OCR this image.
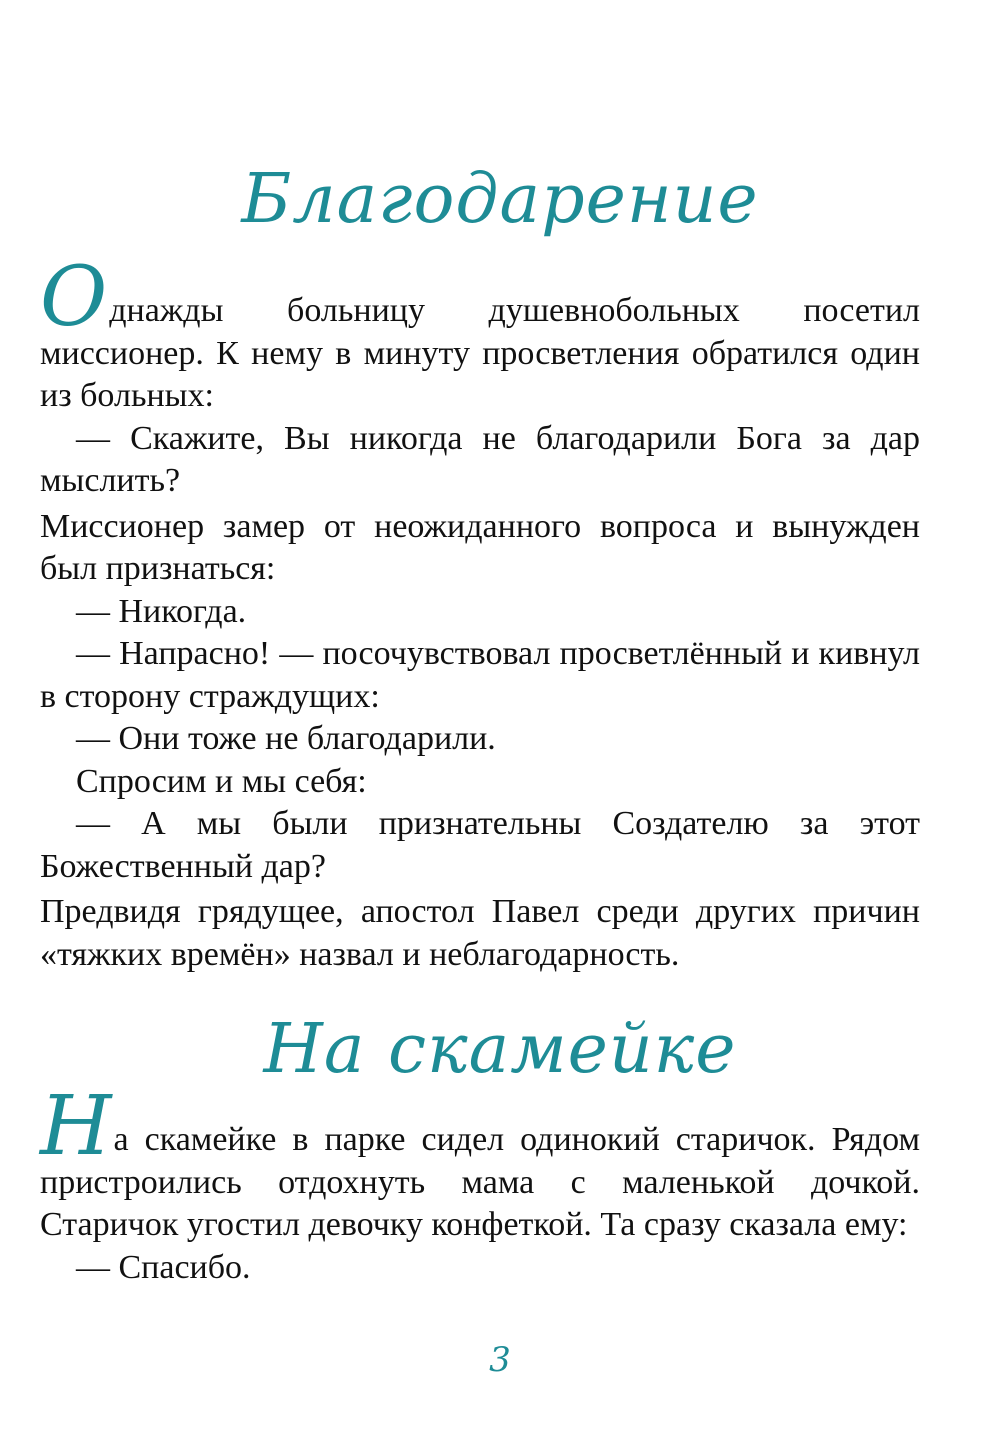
Благодарение

Однажды больницу душевнобольных посетил миссионер. К нему в минуту просветления обратился один из больных:

— Скажите, Вы никогда не благодарили Бога за дар мыслить?

Миссионер замер от неожиданного вопроса и вынужден был признаться:

— Никогда.

— Напрасно! — посочувствовал просветлённый и кивнул в сторону страждущих:

— Они тоже не благодарили.

Спросим и мы себя:

— А мы были признательны Создателю за этот Божественный дар?

Предвидя грядущее, апостол Павел среди других причин «тяжких времён» назвал и неблагодарность.

На скамейке

На скамейке в парке сидел одинокий старичок. Рядом пристроились отдохнуть мама с маленькой дочкой. Старичок угостил девочку конфеткой. Та сразу сказала ему:

— Спасибо.

3
